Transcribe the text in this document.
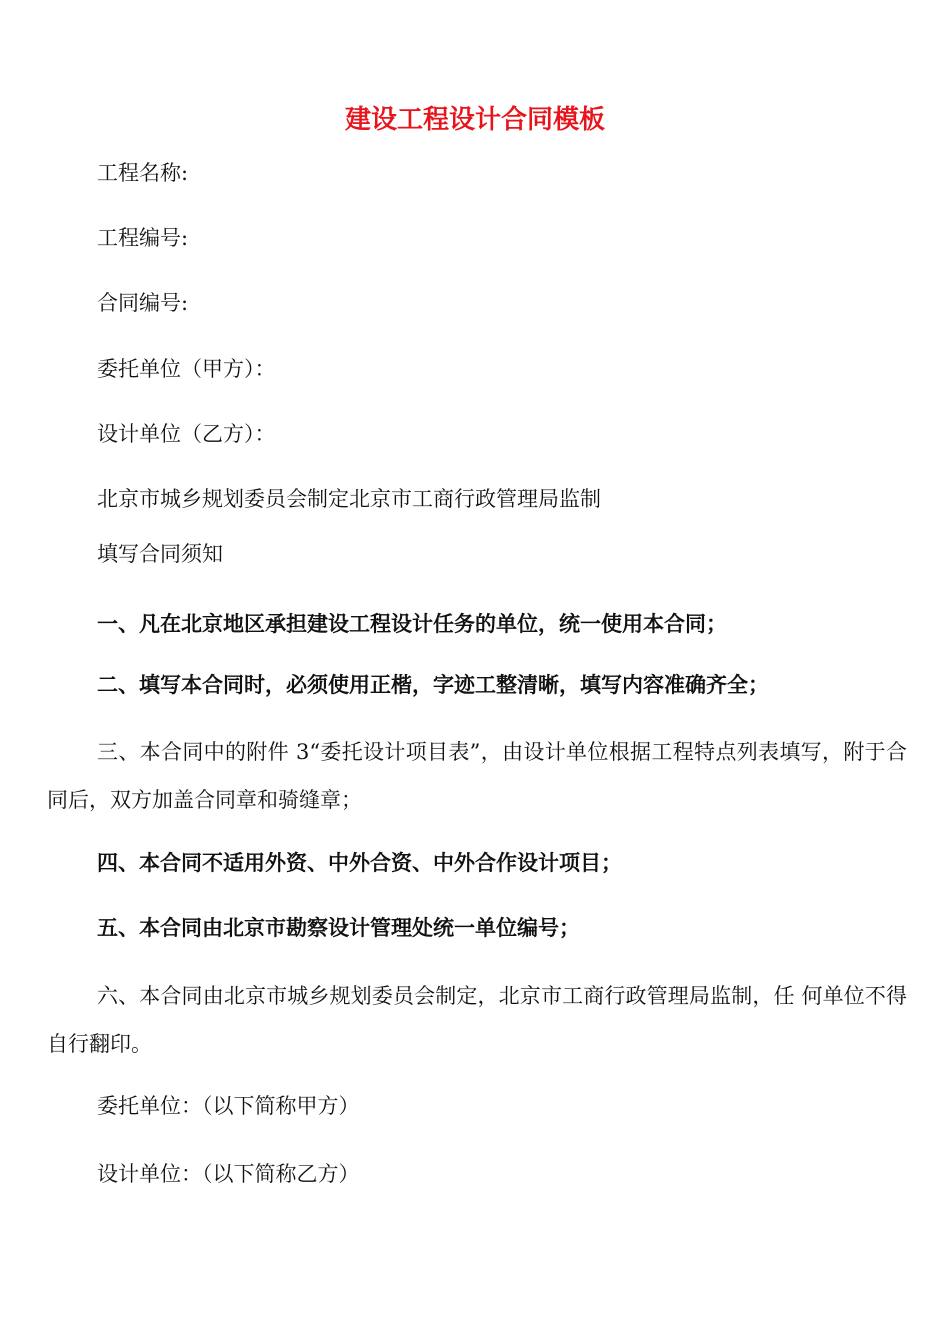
建设工程设计合同模板

工程名称:

工程编号:

合同编号:

委托单位（甲方）：

设计单位（乙方）：

北京市城乡规划委员会制定北京市工商行政管理局监制

填写合同须知

一、凡在北京地区承担建设工程设计任务的单位，统一使用本合同；

二、填写本合同时，必须使用正楷，字迹工整清晰，填写内容准确齐全；

三、本合同中的附件 3“委托设计项目表”，由设计单位根据工程特点列表填写，附于合同后，双方加盖合同章和骑缝章；

四、本合同不适用外资、中外合资、中外合作设计项目；

五、本合同由北京市勘察设计管理处统一单位编号；

六、本合同由北京市城乡规划委员会制定，北京市工商行政管理局监制，任 何单位不得自行翻印。

委托单位：（以下简称甲方）

设计单位：（以下简称乙方）
